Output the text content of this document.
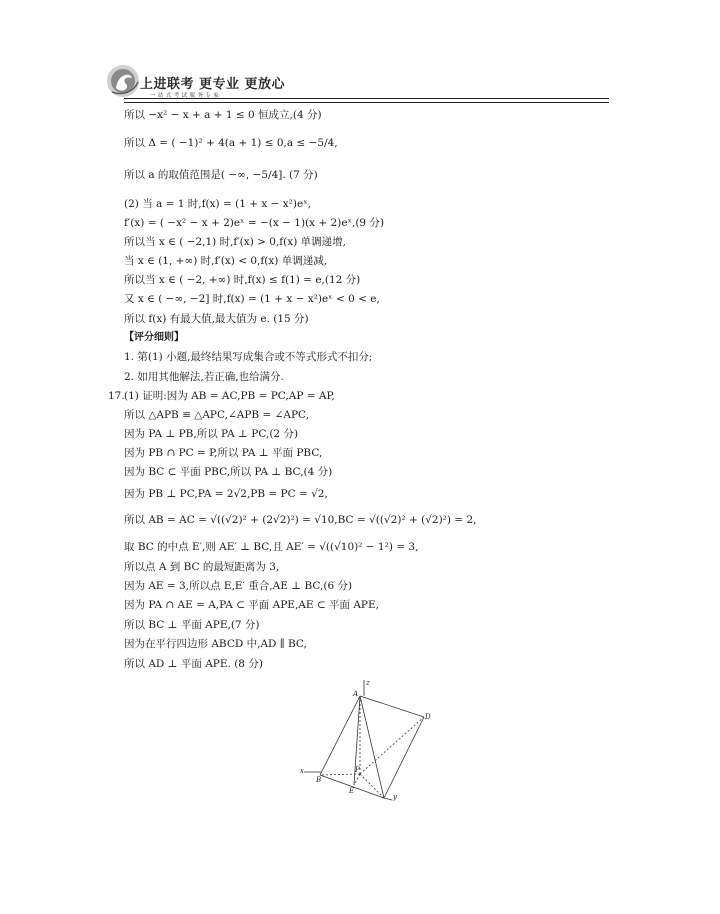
上进联考 更专业 更放心
一站式考试服务专家
所以 −x² − x + a + 1 ≤ 0 恒成立,(4 分)
所以 Δ = ( −1)² + 4(a + 1) ≤ 0,a ≤ −5/4,
所以 a 的取值范围是( −∞, −5/4]. (7 分)
(2) 当 a = 1 时,f(x) = (1 + x − x²)eˣ,
f′(x) = ( −x² − x + 2)eˣ = −(x − 1)(x + 2)eˣ,(9 分)
所以当 x ∈ ( −2,1) 时,f′(x) > 0,f(x) 单调递增,
当 x ∈ (1, +∞) 时,f′(x) < 0,f(x) 单调递减,
所以当 x ∈ ( −2, +∞) 时,f(x) ≤ f(1) = e,(12 分)
又 x ∈ ( −∞, −2] 时,f(x) = (1 + x − x²)eˣ < 0 < e,
所以 f(x) 有最大值,最大值为 e. (15 分)
【评分细则】
1. 第(1) 小题,最终结果写成集合或不等式形式不扣分;
2. 如用其他解法,若正确,也给满分.
17. (1) 证明:因为 AB = AC,PB = PC,AP = AP,
所以 △APB ≌ △APC,∠APB = ∠APC,
因为 PA ⊥ PB,所以 PA ⊥ PC,(2 分)
因为 PB ∩ PC = P,所以 PA ⊥ 平面 PBC,
因为 BC ⊂ 平面 PBC,所以 PA ⊥ BC,(4 分)
因为 PB ⊥ PC,PA = 2√2,PB = PC = √2,
所以 AB = AC = √((√2)² + (2√2)²) = √10,BC = √((√2)² + (√2)²) = 2,
取 BC 的中点 E′,则 AE′ ⊥ BC,且 AE′ = √((√10)² − 1²) = 3,
所以点 A 到 BC 的最短距离为 3,
因为 AE = 3,所以点 E,E′ 重合,AE ⊥ BC,(6 分)
因为 PA ∩ AE = A,PA ⊂ 平面 APE,AE ⊂ 平面 APE,
所以 BC ⊥ 平面 APE,(7 分)
因为在平行四边形 ABCD 中,AD ∥ BC,
所以 AD ⊥ 平面 APE. (8 分)
A
B
D
E
P
x
y
z
